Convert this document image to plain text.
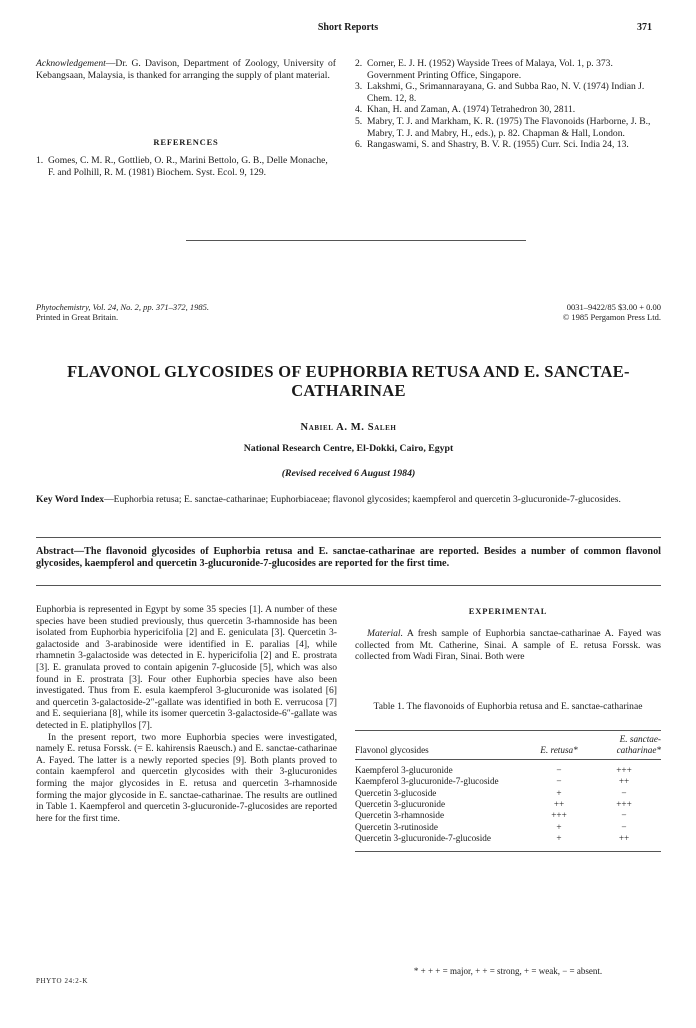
Short Reports	371

Acknowledgement—Dr. G. Davison, Department of Zoology, University of Kebangsaan, Malaysia, is thanked for arranging the supply of plant material.

REFERENCES
1. Gomes, C. M. R., Gottlieb, O. R., Marini Bettolo, G. B., Delle Monache, F. and Polhill, R. M. (1981) Biochem. Syst. Ecol. 9, 129.
2. Corner, E. J. H. (1952) Wayside Trees of Malaya, Vol. 1, p. 373. Government Printing Office, Singapore.
3. Lakshmi, G., Srimannarayana, G. and Subba Rao, N. V. (1974) Indian J. Chem. 12, 8.
4. Khan, H. and Zaman, A. (1974) Tetrahedron 30, 2811.
5. Mabry, T. J. and Markham, K. R. (1975) The Flavonoids (Harborne, J. B., Mabry, T. J. and Mabry, H., eds.), p. 82. Chapman & Hall, London.
6. Rangaswami, S. and Shastry, B. V. R. (1955) Curr. Sci. India 24, 13.
Phytochemistry, Vol. 24, No. 2, pp. 371–372, 1985.
Printed in Great Britain.
0031–9422/85 $3.00 + 0.00
© 1985 Pergamon Press Ltd.
FLAVONOL GLYCOSIDES OF EUPHORBIA RETUSA AND E. SANCTAE-
CATHARINAE
Nabiel A. M. Saleh
National Research Centre, El-Dokki, Cairo, Egypt
(Revised received 6 August 1984)
Key Word Index—Euphorbia retusa; E. sanctae-catharinae; Euphorbiaceae; flavonol glycosides; kaempferol and quercetin 3-glucuronide-7-glucosides.
Abstract—The flavonoid glycosides of Euphorbia retusa and E. sanctae-catharinae are reported. Besides a number of common flavonol glycosides, kaempferol and quercetin 3-glucuronide-7-glucosides are reported for the first time.

Euphorbia is represented in Egypt by some 35 species [1]. A number of these species have been studied previously, thus quercetin 3-rhamnoside has been isolated from Euphorbia hypericifolia [2] and E. geniculata [3]. Quercetin 3-galactoside and 3-arabinoside were identified in E. paralias [4], while rhamnetin 3-galactoside was detected in E. hypericifolia [2] and E. prostrata [3]. E. granulata proved to contain apigenin 7-glucoside [5], which was also found in E. prostrata [3]. Four other Euphorbia species have also been investigated. Thus from E. esula kaempferol 3-glucuronide was isolated [6] and quercetin 3-galactoside-2″-gallate was identified in both E. verrucosa [7] and E. sequieriana [8], while its isomer quercetin 3-galactoside-6″-gallate was detected in E. platiphyllos [7].

In the present report, two more Euphorbia species were investigated, namely E. retusa Forssk. (= E. kahirensis Raeusch.) and E. sanctae-catharinae A. Fayed. The latter is a newly reported species [9]. Both plants proved to contain kaempferol and quercetin glycosides with their 3-glucuronides forming the major glycosides in E. retusa and quercetin 3-rhamnoside forming the major glycoside in E. sanctae-catharinae. The results are outlined in Table 1. Kaempferol and quercetin 3-glucuronide-7-glucosides are reported here for the first time.

EXPERIMENTAL

Material. A fresh sample of Euphorbia sanctae-catharinae A. Fayed was collected from Mt. Catherine, Sinai. A sample of E. retusa Forssk. was collected from Wadi Firan, Sinai. Both were

Table 1. The flavonoids of Euphorbia retusa and E. sanctae-catharinae
Flavonol glycosides	E. retusa*	E. sanctae-catharinae*

Kaempferol 3-glucuronide	−	+++
Kaempferol 3-glucuronide-7-glucoside	−	++
Quercetin 3-glucoside	+	−
Quercetin 3-glucuronide	++	+++
Quercetin 3-rhamnoside	+++	−
Quercetin 3-rutinoside	+	−
Quercetin 3-glucuronide-7-glucoside	+	++

* + + + = major, + + = strong, + = weak, − = absent.
PHYTO 24:2-K
